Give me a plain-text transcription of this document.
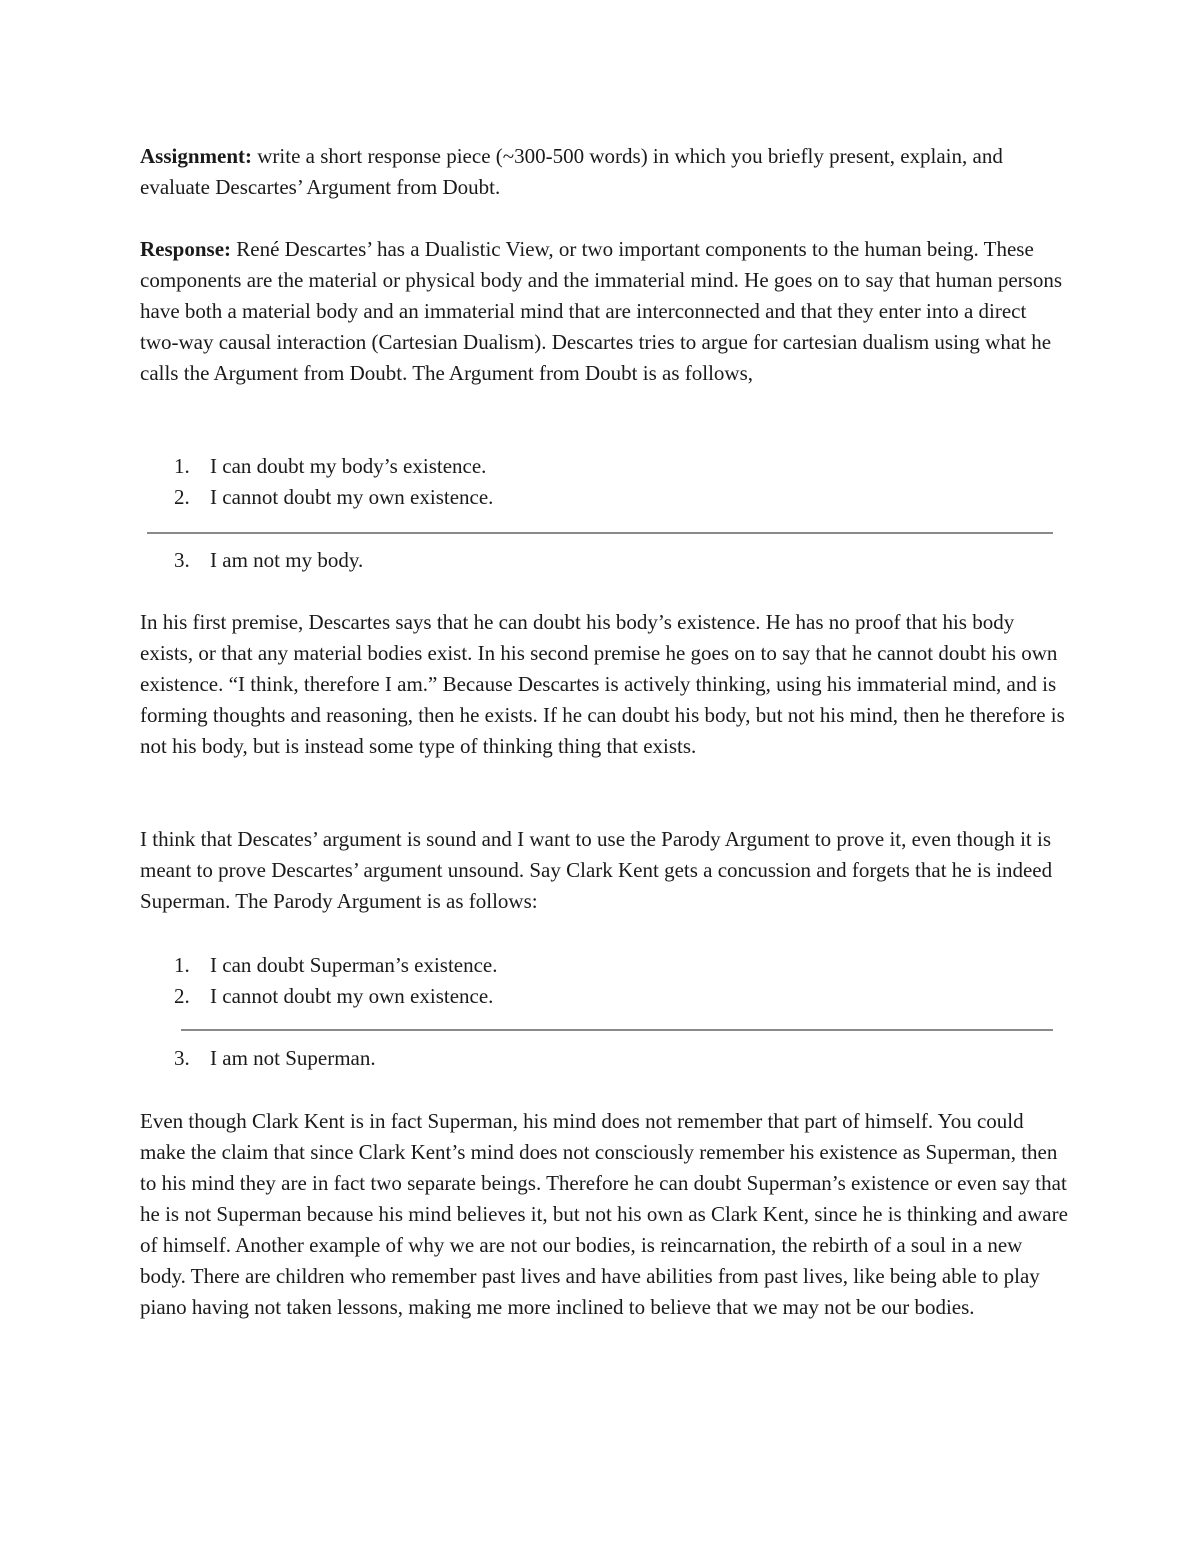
Assignment: write a short response piece (~300-500 words) in which you briefly present, explain, and evaluate Descartes’ Argument from Doubt.

Response: René Descartes’ has a Dualistic View, or two important components to the human being. These components are the material or physical body and the immaterial mind. He goes on to say that human persons have both a material body and an immaterial mind that are interconnected and that they enter into a direct two-way causal interaction (Cartesian Dualism). Descartes tries to argue for cartesian dualism using what he calls the Argument from Doubt. The Argument from Doubt is as follows,

1. I can doubt my body’s existence.
2. I cannot doubt my own existence.
3. I am not my body.

In his first premise, Descartes says that he can doubt his body’s existence. He has no proof that his body exists, or that any material bodies exist. In his second premise he goes on to say that he cannot doubt his own existence. “I think, therefore I am.” Because Descartes is actively thinking, using his immaterial mind, and is forming thoughts and reasoning, then he exists. If he can doubt his body, but not his mind, then he therefore is not his body, but is instead some type of thinking thing that exists.

I think that Descates’ argument is sound and I want to use the Parody Argument to prove it, even though it is meant to prove Descartes’ argument unsound. Say Clark Kent gets a concussion and forgets that he is indeed Superman. The Parody Argument is as follows:

1. I can doubt Superman’s existence.
2. I cannot doubt my own existence.
3. I am not Superman.

Even though Clark Kent is in fact Superman, his mind does not remember that part of himself. You could make the claim that since Clark Kent’s mind does not consciously remember his existence as Superman, then to his mind they are in fact two separate beings. Therefore he can doubt Superman’s existence or even say that he is not Superman because his mind believes it, but not his own as Clark Kent, since he is thinking and aware of himself. Another example of why we are not our bodies, is reincarnation, the rebirth of a soul in a new body. There are children who remember past lives and have abilities from past lives, like being able to play piano having not taken lessons, making me more inclined to believe that we may not be our bodies.
